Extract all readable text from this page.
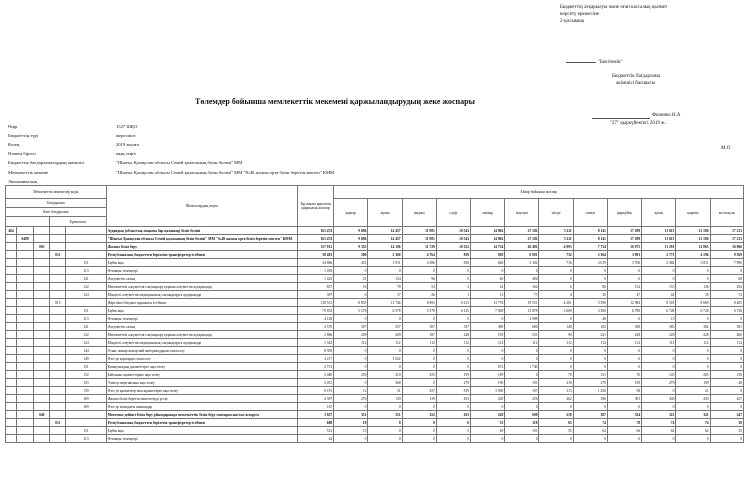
Бюджеттің атқарылуы және оған кассалық қызмет
көрсету ережесіне
2-қосымша
"Бекітемін"
Бюджеттік бағдарлама
әкімшісі басшысы
Төлемдер бойынша мемлекеттік мекемені қаржыландырудың жеке жоспары
Филенко Н.А
"27" қыркүйектегі 2019 ж.
М.О
Өңір	1527 ШҚО
Бюджеттің түрі	жергілікті
Кезең	2019 жылға
Өлшем бірлігі	мың теңге
Бюджеттік бағдарламалардың әкімшісі	"Шығыс Қазақстан облысы Семей қаласының білім бөлімі" ММ
Мемлекеттік мекеме	"Шығыс Қазақстан облысы Семей қаласының білім бөлімі" ММ "№48 жалпы орта білім беретін мектеп" КММ
Экономикалық
Мемлекеттік мекемелер коды					Шығыстардың атауы	Бір жылға арналған қаржылық жоспар	Айлар бойынша жоспар											
Бағдарлама							қаңтар	ақпан	наурыз	сәуір	мамыр	маусым	шілде	тамыз	қыркүйек	қазан	қараша	желтоқсан
Кіші бағдарлама																		
			Ерекшелік															
464					Аудандық (облыстық маңызы бар қаланың) білім бөлімі	161 474	9 686	14 457	11 981	10 543	14 962	27 182	5 211	8 141	17 299	11 613	13 186	17 213
	6488				"Шығыс Қазақстан облысы Семей қаласының білім бөлімі" ММ "№48 жалпы орта білім беретін мектеп" КММ	161 474	9 686	14 457	11 981	10 543	14 962	27 182	5 211	8 141	17 299	11 613	13 186	17 213
		003			Жалпы білім беру	157 012	9 335	14 106	11 729	10 252	14 734	26 492	4 993	7 754	16 975	11 291	12 865	16 966
			011		Республикалық бюджеттен берілетін трансферттер есебінен	38 481	500	2 360	4 764	839	929	6 891	732	2 364	3 991	2 773	4 196	9 569
				111	Еңбек ақы	34 866	451	1 911	4 386	850	826	5 302	716	2 019	3 706	2 482	3 811	7 990
				113	Өтемақы төлемдері	1 018	0	0	0	0	0	0	0	0	0	0	0	0
				121	Әлеуметтік салық	1 425	21	134	96	0	40	494	0	0	0	0	0	68
				122	Мемлекеттік әлеуметтік сақтандыру қорына әлеуметтік аударымдар	837	16	78	54	2	24	162	6	80	132	155	136	294
				124	Міндетті әлеуметтік медициналық сақтандыруға аударымдар	397	6	37	26	1	13	77	4	30	47	44	35	72
			015		Жергілікті бюджет қаражаты есебінен	118 531	8 835	11 746	6 965	9 413	13 776	19 551	4 261	5 390	12 984	8 518	8 669	8 405
				111	Еңбек ақы	79 833	5 578	6 578	5 578	6 125	7 500	13 878	2 600	3 300	6 780	6 728	6 728	6 728
				113	Өтемақы төлемдері	4 128	0	0	0	0	0	3 998	0	48	0	13	0	0
				121	Әлеуметтік салық	4 570	307	357	307	337	390	680	140	182	358	383	382	381
				122	Мемлекеттік әлеуметтік сақтандыру қорына әлеуметтік аударымдар	2 866	209	209	187	228	193	531	90	221	228	228	228	260
				124	Міндетті әлеуметтік медициналық сақтандыруға аударымдар	1 543	112	112	112	112	112	112	112	112	112	112	112	112
				144	Отын, жанар-жағар май материалдарын сатып алу	8 395	0	0	0	0	0	0	0	0	0	0	0	0
				149	Өзге де қорларды сатып алу	4 217	0	3 652	0	0	0	0	0	0	0	0	0	0
				151	Коммуналдық қызметтерге ақы төлеу	2 751	0	0	0	0	672	1 740	0	0	0	0	0	0
				152	Байланыс қызметтеріне ақы төлеу	2 040	259	210	255	195	189	0	70	131	70	145	205	158
				153	Электр энергиясына ақы төлеу	2 031	0	368	0	279	190	191	210	279	159	279	190	48
				159	Өзге де қызметтер мен жұмыстарға ақы төлеу	6 191	12	31	257	819	3 590	107	113	1 250	58	0	21	0
				169	Жалпы білім беретін мектептерді ұстау	4 397	270	139	139	493	230	256	262	186	391	430	430	437
				169	Өзге де ағымдағы шығындар	167	0	0	0	0	0	0	0	0	0	0	0	0
		040			Мектепке дейінгі білім беру ұйымдарында мемлекеттік білім беру тапсырысын іске асыруға	3 827	351	351	252	291	228	690	218	387	324	322	321	247
			011		Республикалық бюджеттен берілетін трансферттер есебінен	608	18	8	0	6	55	118	65	74	78	74	74	38
				111	Еңбек ақы	512	15	0	0	5	49	101	55	62	66	62	62	35
				113	Өтемақы төлемдері	44	0	0	0	0	0	0	0	0	0	0	0	0
